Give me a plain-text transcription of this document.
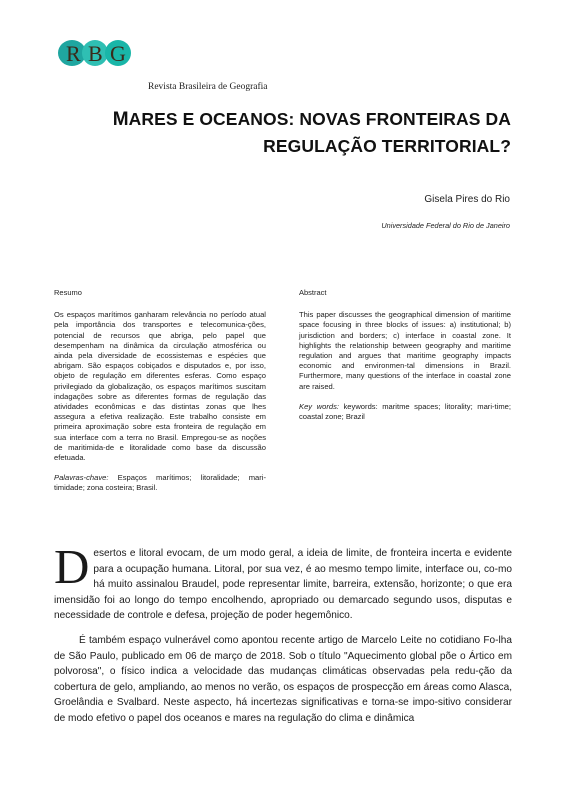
R B G
Revista Brasileira de Geografia
MARES E OCEANOS: NOVAS FRONTEIRAS DA
REGULAÇÃO TERRITORIAL?
Gisela Pires do Rio
Universidade Federal do Rio de Janeiro
Resumo

Os espaços marítimos ganharam relevância no período atual pela importância dos transportes e telecomunica-ções, potencial de recursos que abriga, pelo papel que desempenham na dinâmica da circulação atmosférica ou ainda pela diversidade de ecossistemas e espécies que abrigam. São espaços cobiçados e disputados e, por isso, objeto de regulação em diferentes esferas. Como espaço privilegiado da globalização, os espaços marítimos suscitam indagações sobre as diferentes formas de regulação das atividades econômicas e das distintas zonas que lhes assegura a efetiva realização. Este trabalho consiste em primeira aproximação sobre esta fronteira de regulação em sua interface com a terra no Brasil. Empregou-se as noções de maritimida-de e litoralidade como base da discussão efetuada.

Palavras-chave: Espaços marítimos; litoralidade; mari-timidade; zona costeira; Brasil.

Abstract

This paper discusses the geographical dimension of maritime space focusing in three blocks of issues: a) institutional; b) jurisdiction and borders; c) interface in coastal zone. It highlights the relationship between geography and maritime regulation and argues that maritime geography impacts economic and environmen-tal dimensions in Brazil. Furthermore, many questions of the interface in coastal zone are raised.

Key words: keywords: maritme spaces; litorality; mari-time; coastal zone; Brazil

Desertos e litoral evocam, de um modo geral, a ideia de limite, de fronteira incerta e evidente para a ocupação humana. Litoral, por sua vez, é ao mesmo tempo limite, interface ou, co-mo há muito assinalou Braudel, pode representar limite, barreira, extensão, horizonte; o que era imensidão foi ao longo do tempo encolhendo, apropriado ou demarcado segundo usos, disputas e necessidade de controle e defesa, projeção de poder hegemônico.

É também espaço vulnerável como apontou recente artigo de Marcelo Leite no cotidiano Fo-lha de São Paulo, publicado em 06 de março de 2018. Sob o título "Aquecimento global põe o Ártico em polvorosa", o físico indica a velocidade das mudanças climáticas observadas pela redu-ção da cobertura de gelo, ampliando, ao menos no verão, os espaços de prospecção em áreas como Alasca, Groelândia e Svalbard. Neste aspecto, há incertezas significativas e torna-se impo-sitivo considerar de modo efetivo o papel dos oceanos e mares na regulação do clima e dinâmica
